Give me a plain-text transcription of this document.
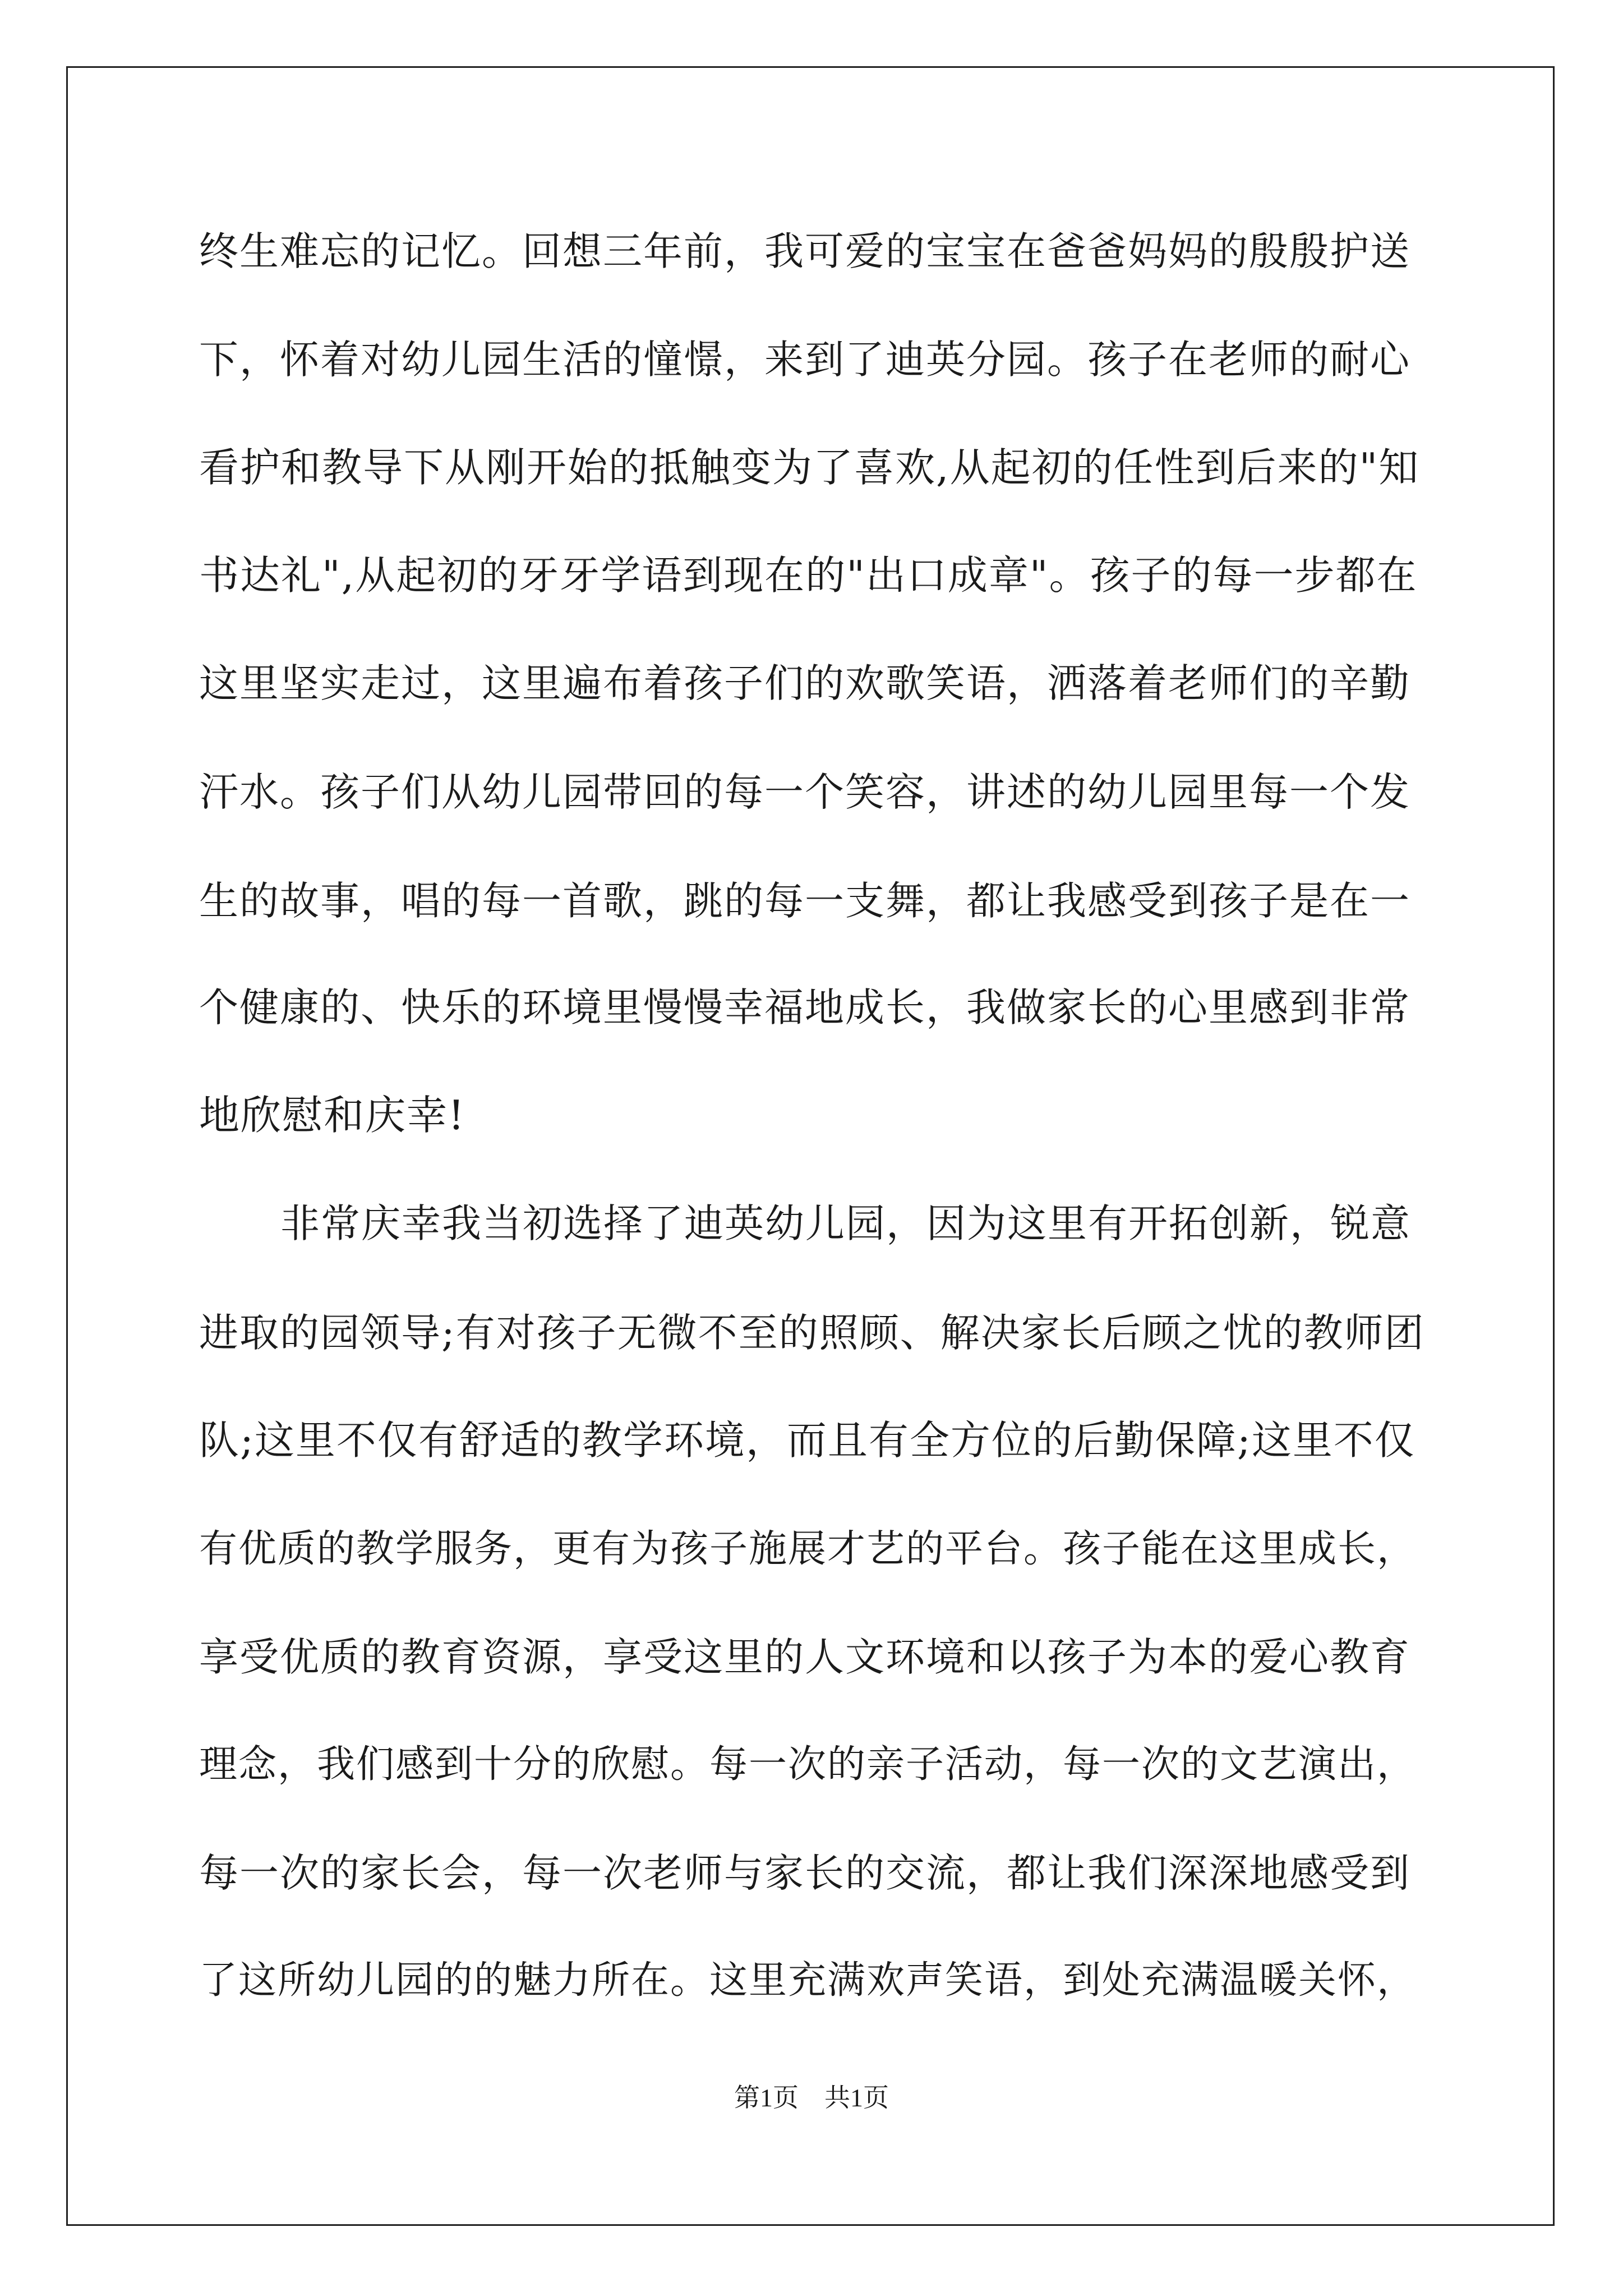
终生难忘的记忆。回想三年前，我可爱的宝宝在爸爸妈妈的殷殷护送
下，怀着对幼儿园生活的憧憬，来到了迪英分园。孩子在老师的耐心
看护和教导下从刚开始的抵触变为了喜欢,从起初的任性到后来的"知
书达礼",从起初的牙牙学语到现在的"出口成章"。孩子的每一步都在
这里坚实走过，这里遍布着孩子们的欢歌笑语，洒落着老师们的辛勤
汗水。孩子们从幼儿园带回的每一个笑容，讲述的幼儿园里每一个发
生的故事，唱的每一首歌，跳的每一支舞，都让我感受到孩子是在一
个健康的、快乐的环境里慢慢幸福地成长，我做家长的心里感到非常
地欣慰和庆幸!
非常庆幸我当初选择了迪英幼儿园，因为这里有开拓创新，锐意
进取的园领导;有对孩子无微不至的照顾、解决家长后顾之忧的教师团
队;这里不仅有舒适的教学环境，而且有全方位的后勤保障;这里不仅
有优质的教学服务，更有为孩子施展才艺的平台。孩子能在这里成长，
享受优质的教育资源，享受这里的人文环境和以孩子为本的爱心教育
理念，我们感到十分的欣慰。每一次的亲子活动，每一次的文艺演出，
每一次的家长会，每一次老师与家长的交流，都让我们深深地感受到
了这所幼儿园的的魅力所在。这里充满欢声笑语，到处充满温暖关怀，
第1页　共1页
